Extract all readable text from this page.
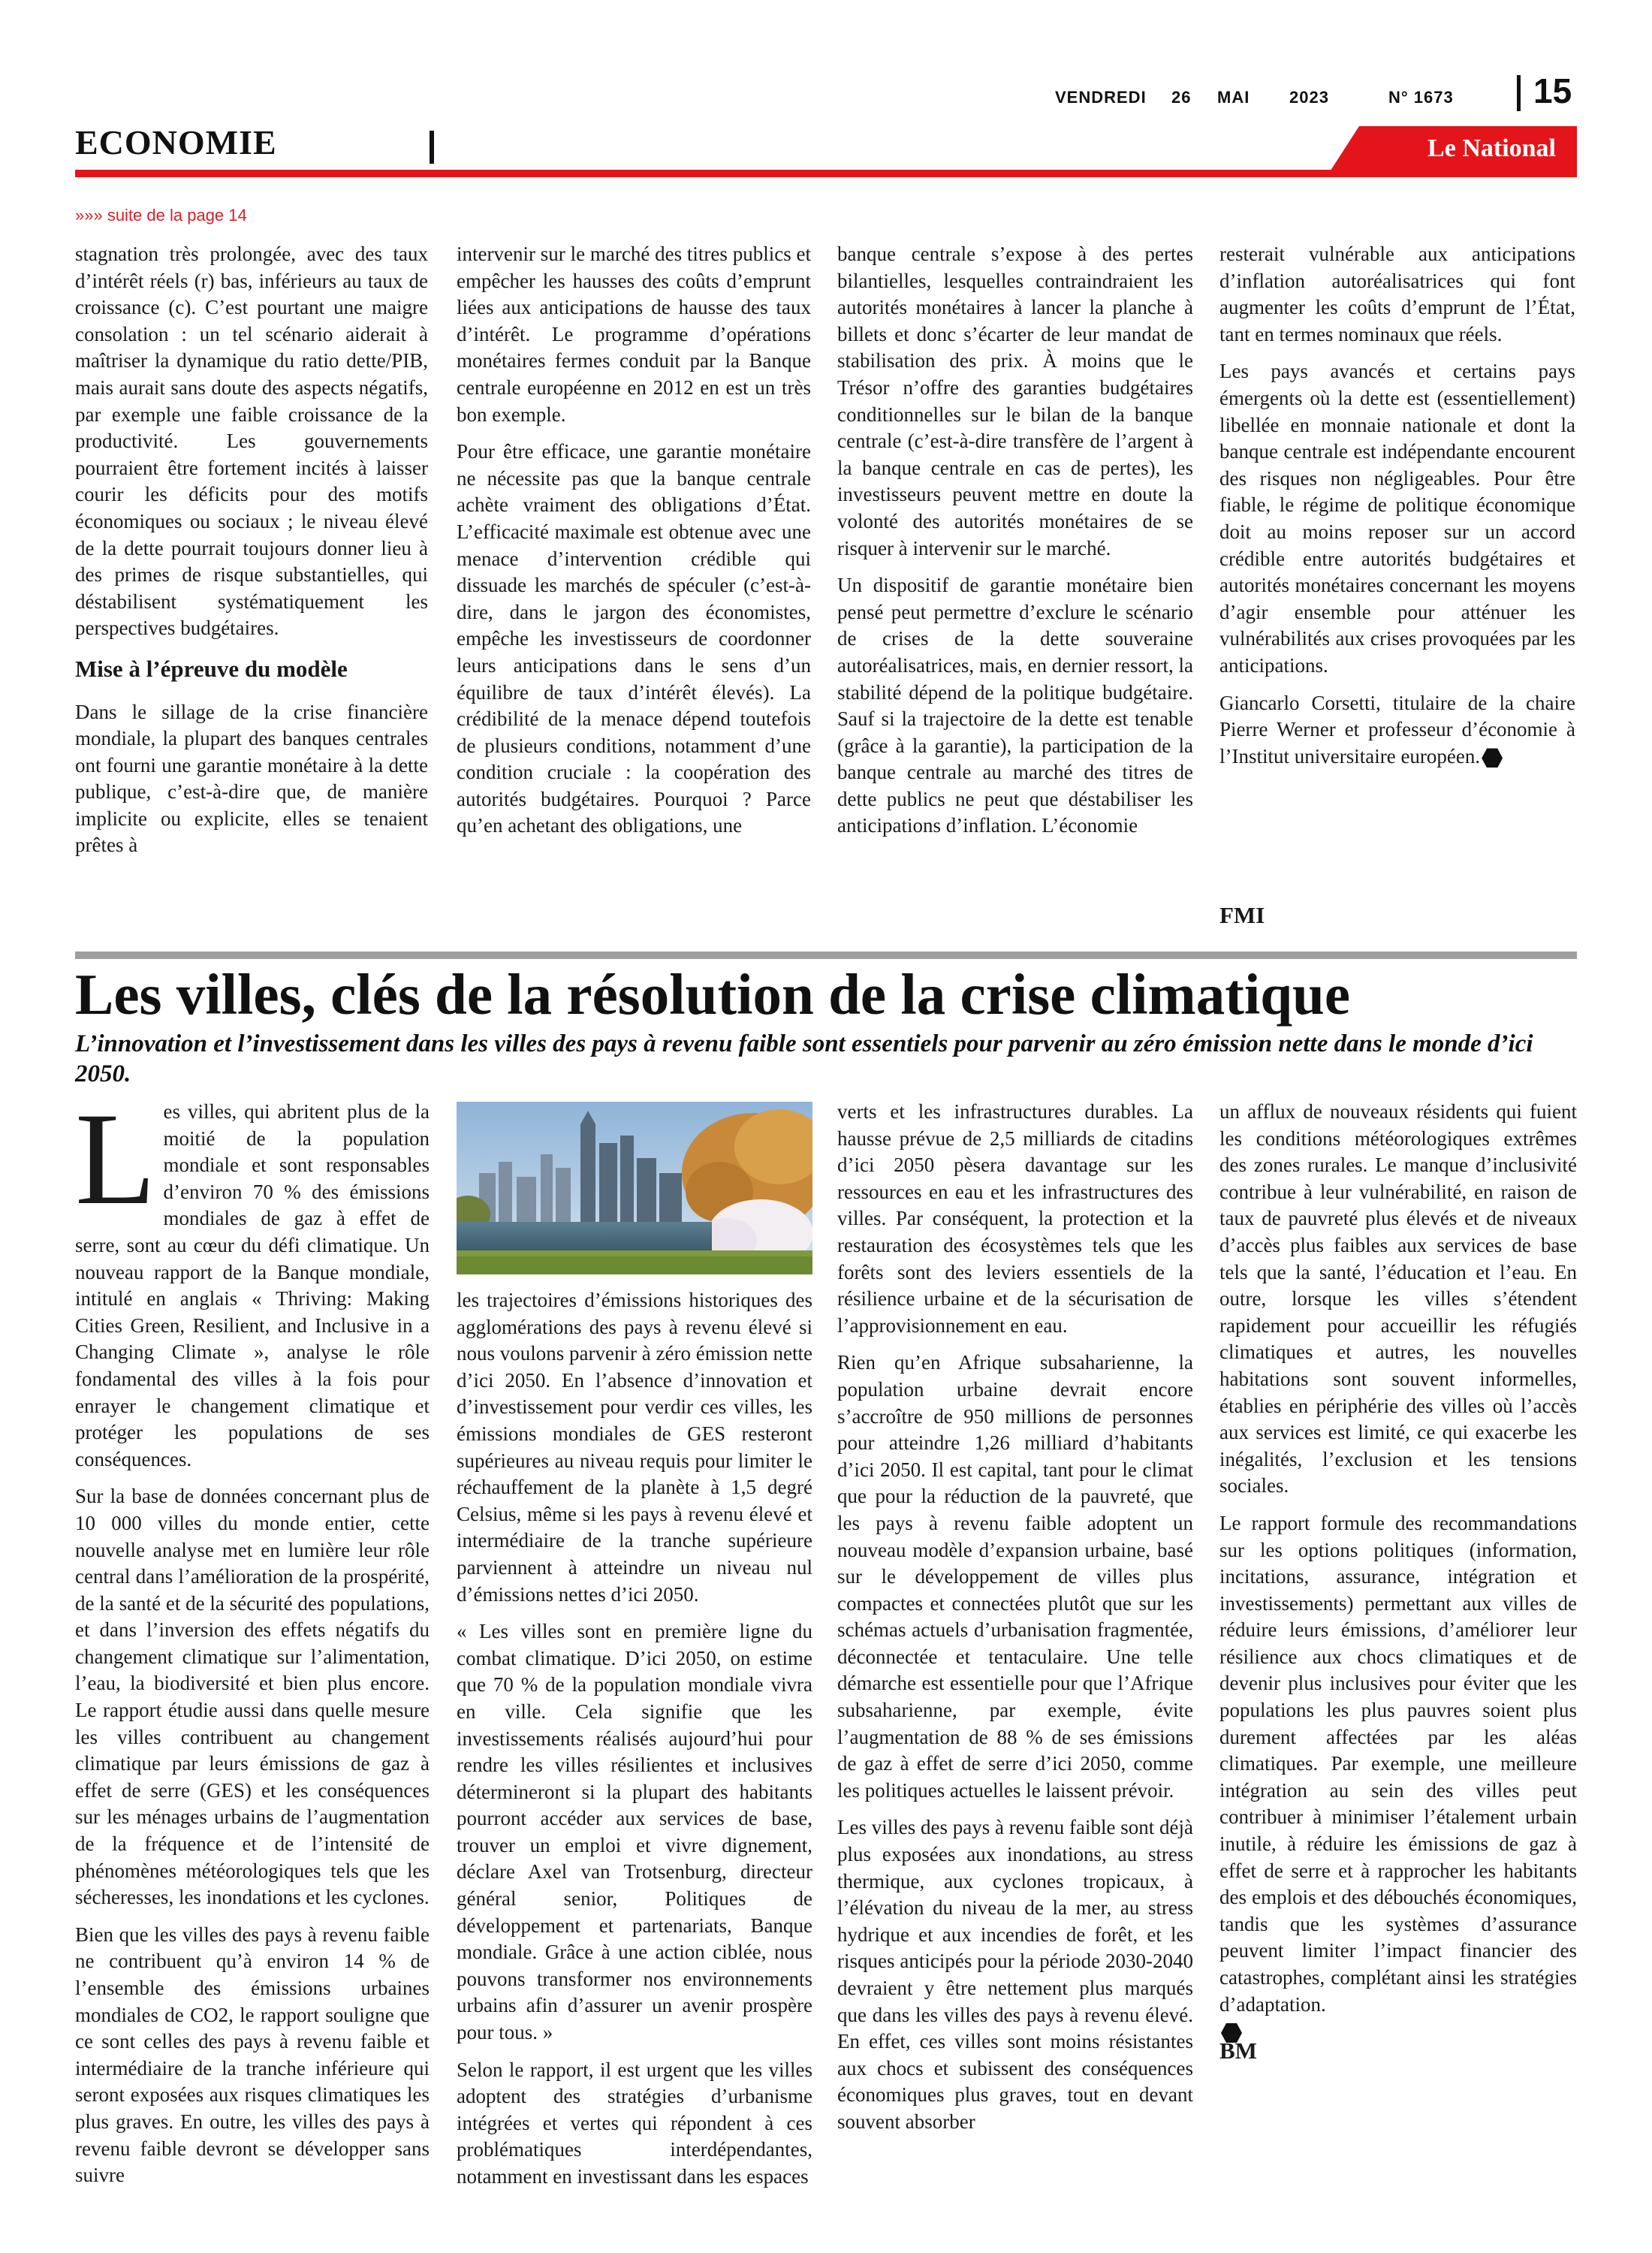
VENDREDI 26 MAI 2023	N° 1673 15
ECONOMIE	Le National
»»» suite de la page 14

stagnation très prolongée, avec des taux d’intérêt réels (r) bas, inférieurs au taux de croissance (c). C’est pourtant une maigre consolation : un tel scénario aiderait à maîtriser la dynamique du ratio dette/PIB, mais aurait sans doute des aspects négatifs, par exemple une faible croissance de la productivité. Les gouvernements pourraient être fortement incités à laisser courir les déficits pour des motifs économiques ou sociaux ; le niveau élevé de la dette pourrait toujours donner lieu à des primes de risque substantielles, qui déstabilisent systématiquement les perspectives budgétaires.

Mise à l’épreuve du modèle

Dans le sillage de la crise financière mondiale, la plupart des banques centrales ont fourni une garantie monétaire à la dette publique, c’est-à-dire que, de manière implicite ou explicite, elles se tenaient prêtes à

intervenir sur le marché des titres publics et empêcher les hausses des coûts d’emprunt liées aux anticipations de hausse des taux d’intérêt. Le programme d’opérations monétaires fermes conduit par la Banque centrale européenne en 2012 en est un très bon exemple.

Pour être efficace, une garantie monétaire ne nécessite pas que la banque centrale achète vraiment des obligations d’État. L’efficacité maximale est obtenue avec une menace d’intervention crédible qui dissuade les marchés de spéculer (c’est-à-dire, dans le jargon des économistes, empêche les investisseurs de coordonner leurs anticipations dans le sens d’un équilibre de taux d’intérêt élevés). La crédibilité de la menace dépend toutefois de plusieurs conditions, notamment d’une condition cruciale : la coopération des autorités budgétaires. Pourquoi ? Parce qu’en achetant des obligations, une

banque centrale s’expose à des pertes bilantielles, lesquelles contraindraient les autorités monétaires à lancer la planche à billets et donc s’écarter de leur mandat de stabilisation des prix. À moins que le Trésor n’offre des garanties budgétaires conditionnelles sur le bilan de la banque centrale (c’est-à-dire transfère de l’argent à la banque centrale en cas de pertes), les investisseurs peuvent mettre en doute la volonté des autorités monétaires de se risquer à intervenir sur le marché.

Un dispositif de garantie monétaire bien pensé peut permettre d’exclure le scénario de crises de la dette souveraine autoréalisatrices, mais, en dernier ressort, la stabilité dépend de la politique budgétaire. Sauf si la trajectoire de la dette est tenable (grâce à la garantie), la participation de la banque centrale au marché des titres de dette publics ne peut que déstabiliser les anticipations d’inflation. L’économie

resterait vulnérable aux anticipations d’inflation autoréalisatrices qui font augmenter les coûts d’emprunt de l’État, tant en termes nominaux que réels.

Les pays avancés et certains pays émergents où la dette est (essentiellement) libellée en monnaie nationale et dont la banque centrale est indépendante encourent des risques non négligeables. Pour être fiable, le régime de politique économique doit au moins reposer sur un accord crédible entre autorités budgétaires et autorités monétaires concernant les moyens d’agir ensemble pour atténuer les vulnérabilités aux crises provoquées par les anticipations.

Giancarlo Corsetti, titulaire de la chaire Pierre Werner et professeur d’économie à l’Institut universitaire européen.

FMI
Les villes, clés de la résolution de la crise climatique
L’innovation et l’investissement dans les villes des pays à revenu faible sont essentiels pour parvenir au zéro émission nette dans le monde d’ici 2050.

Les villes, qui abritent plus de la moitié de la population mondiale et sont responsables d’environ 70 % des émissions mondiales de gaz à effet de serre, sont au cœur du défi climatique. Un nouveau rapport de la Banque mondiale, intitulé en anglais « Thriving: Making Cities Green, Resilient, and Inclusive in a Changing Climate », analyse le rôle fondamental des villes à la fois pour enrayer le changement climatique et protéger les populations de ses conséquences.

Sur la base de données concernant plus de 10 000 villes du monde entier, cette nouvelle analyse met en lumière leur rôle central dans l’amélioration de la prospérité, de la santé et de la sécurité des populations, et dans l’inversion des effets négatifs du changement climatique sur l’alimentation, l’eau, la biodiversité et bien plus encore. Le rapport étudie aussi dans quelle mesure les villes contribuent au changement climatique par leurs émissions de gaz à effet de serre (GES) et les conséquences sur les ménages urbains de l’augmentation de la fréquence et de l’intensité de phénomènes météorologiques tels que les sécheresses, les inondations et les cyclones.

Bien que les villes des pays à revenu faible ne contribuent qu’à environ 14 % de l’ensemble des émissions urbaines mondiales de CO2, le rapport souligne que ce sont celles des pays à revenu faible et intermédiaire de la tranche inférieure qui seront exposées aux risques climatiques les plus graves. En outre, les villes des pays à revenu faible devront se développer sans suivre

les trajectoires d’émissions historiques des agglomérations des pays à revenu élevé si nous voulons parvenir à zéro émission nette d’ici 2050. En l’absence d’innovation et d’investissement pour verdir ces villes, les émissions mondiales de GES resteront supérieures au niveau requis pour limiter le réchauffement de la planète à 1,5 degré Celsius, même si les pays à revenu élevé et intermédiaire de la tranche supérieure parviennent à atteindre un niveau nul d’émissions nettes d’ici 2050.

« Les villes sont en première ligne du combat climatique. D’ici 2050, on estime que 70 % de la population mondiale vivra en ville. Cela signifie que les investissements réalisés aujourd’hui pour rendre les villes résilientes et inclusives détermineront si la plupart des habitants pourront accéder aux services de base, trouver un emploi et vivre dignement, déclare Axel van Trotsenburg, directeur général senior, Politiques de développement et partenariats, Banque mondiale. Grâce à une action ciblée, nous pouvons transformer nos environnements urbains afin d’assurer un avenir prospère pour tous. »

Selon le rapport, il est urgent que les villes adoptent des stratégies d’urbanisme intégrées et vertes qui répondent à ces problématiques interdépendantes, notamment en investissant dans les espaces

verts et les infrastructures durables. La hausse prévue de 2,5 milliards de citadins d’ici 2050 pèsera davantage sur les ressources en eau et les infrastructures des villes. Par conséquent, la protection et la restauration des écosystèmes tels que les forêts sont des leviers essentiels de la résilience urbaine et de la sécurisation de l’approvisionnement en eau.

Rien qu’en Afrique subsaharienne, la population urbaine devrait encore s’accroître de 950 millions de personnes pour atteindre 1,26 milliard d’habitants d’ici 2050. Il est capital, tant pour le climat que pour la réduction de la pauvreté, que les pays à revenu faible adoptent un nouveau modèle d’expansion urbaine, basé sur le développement de villes plus compactes et connectées plutôt que sur les schémas actuels d’urbanisation fragmentée, déconnectée et tentaculaire. Une telle démarche est essentielle pour que l’Afrique subsaharienne, par exemple, évite l’augmentation de 88 % de ses émissions de gaz à effet de serre d’ici 2050, comme les politiques actuelles le laissent prévoir.

Les villes des pays à revenu faible sont déjà plus exposées aux inondations, au stress thermique, aux cyclones tropicaux, à l’élévation du niveau de la mer, au stress hydrique et aux incendies de forêt, et les risques anticipés pour la période 2030-2040 devraient y être nettement plus marqués que dans les villes des pays à revenu élevé. En effet, ces villes sont moins résistantes aux chocs et subissent des conséquences économiques plus graves, tout en devant souvent absorber

un afflux de nouveaux résidents qui fuient les conditions météorologiques extrêmes des zones rurales. Le manque d’inclusivité contribue à leur vulnérabilité, en raison de taux de pauvreté plus élevés et de niveaux d’accès plus faibles aux services de base tels que la santé, l’éducation et l’eau. En outre, lorsque les villes s’étendent rapidement pour accueillir les réfugiés climatiques et autres, les nouvelles habitations sont souvent informelles, établies en périphérie des villes où l’accès aux services est limité, ce qui exacerbe les inégalités, l’exclusion et les tensions sociales.

Le rapport formule des recommandations sur les options politiques (information, incitations, assurance, intégration et investissements) permettant aux villes de réduire leurs émissions, d’améliorer leur résilience aux chocs climatiques et de devenir plus inclusives pour éviter que les populations les plus pauvres soient plus durement affectées par les aléas climatiques. Par exemple, une meilleure intégration au sein des villes peut contribuer à minimiser l’étalement urbain inutile, à réduire les émissions de gaz à effet de serre et à rapprocher les habitants des emplois et des débouchés économiques, tandis que les systèmes d’assurance peuvent limiter l’impact financier des catastrophes, complétant ainsi les stratégies d’adaptation.

BM
